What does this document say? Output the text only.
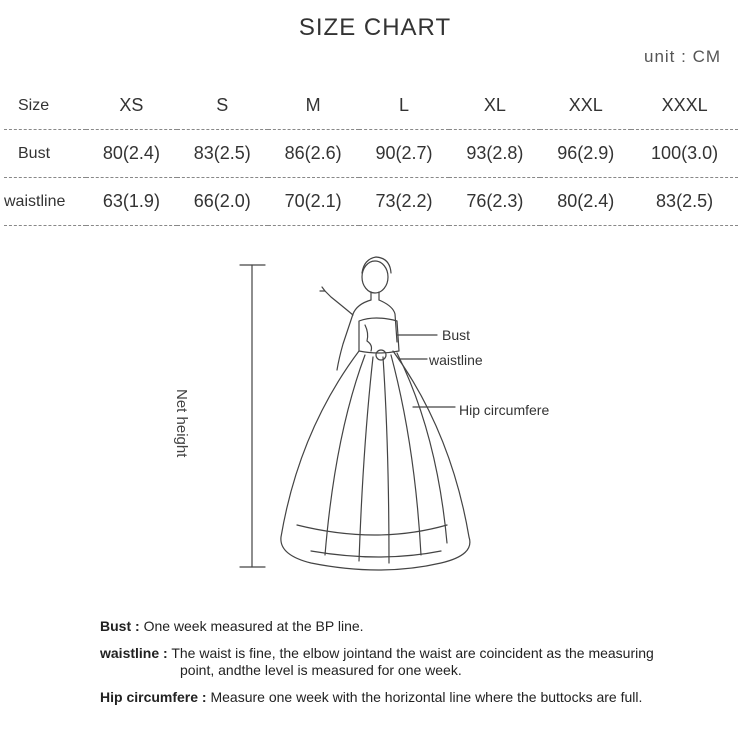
SIZE CHART
unit : CM
Size	XS	S	M	L	XL	XXL	XXXL
Bust	80(2.4)	83(2.5)	86(2.6)	90(2.7)	93(2.8)	96(2.9)	100(3.0)
waistline	63(1.9)	66(2.0)	70(2.1)	73(2.2)	76(2.3)	80(2.4)	83(2.5)
Bust
waistline
Hip circumfere
Net height
Bust : One week measured at the BP line.
waistline : The waist is fine, the elbow jointand the waist are coincident as the measuring
point, andthe level is measured for one week.
Hip circumfere : Measure one week with the horizontal line where the buttocks are full.
